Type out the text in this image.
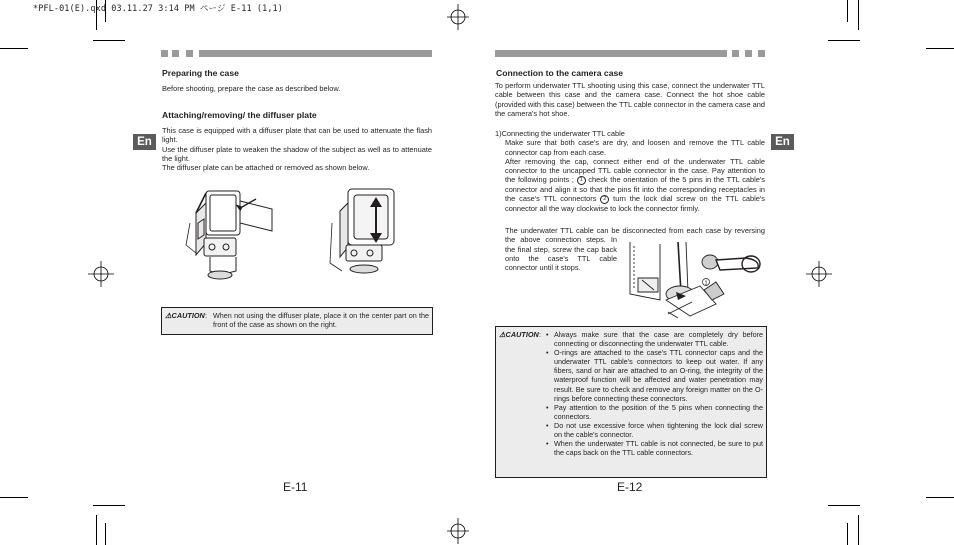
*PFL-01(E).qxd 03.11.27 3:14 PM ページ E-11 (1,1)
En	En
Preparing the case
Before shooting, prepare the case as described below.
Attaching/removing/ the diffuser plate

This case is equipped with a diffuser plate that can be used to attenuate the flash light.

Use the diffuser plate to weaken the shadow of the subject as well as to attenuate the light.

The diffuser plate can be attached or removed as shown below.

⚠CAUTION : When not using the diffuser plate, place it on the center part on the front of the case as shown on the right.
E-11
Connection to the camera case
To perform underwater TTL shooting using this case, connect the underwater TTL cable between this case and the camera case. Connect the hot shoe cable (provided with this case) between the TTL cable connector in the camera case and the camera's hot shoe.

1)Connecting the underwater TTL cable

Make sure that both case's are dry, and loosen and remove the TTL cable connector cap from each case.

After removing the cap, connect either end of the underwater TTL cable connector to the uncapped TTL cable connector in the case. Pay attention to the following points ; 1 check the orientation of the 5 pins in the TTL cable's connector and align it so that the pins fit into the corresponding receptacles in the case's TTL connectors 2 turn the lock dial screw on the TTL cable's connector all the way clockwise to lock the connector firmly.

The underwater TTL cable can be disconnected from each case by reversing the above connection steps. In the final step, screw the cap back onto the case's TTL cable connector until it stops.
1
⚠CAUTION :

•	Always make sure that the case are completely dry before connecting or disconnecting the underwater TTL cable.

• O-rings are attached to the case's TTL connector caps and the underwater TTL cable's connectors to keep out water. If any fibers, sand or hair are attached to an O-ring, the integrity of the waterproof function will be affected and water penetration may result. Be sure to check and remove any foreign matter on the O-rings before connecting these connectors.

• Pay attention to the position of the 5 pins when connecting the connectors.

• Do not use excessive force when tightening the lock dial screw on the cable's connector.

• When the underwater TTL cable is not connected, be sure to put the caps back on the TTL cable connectors.

E-12
